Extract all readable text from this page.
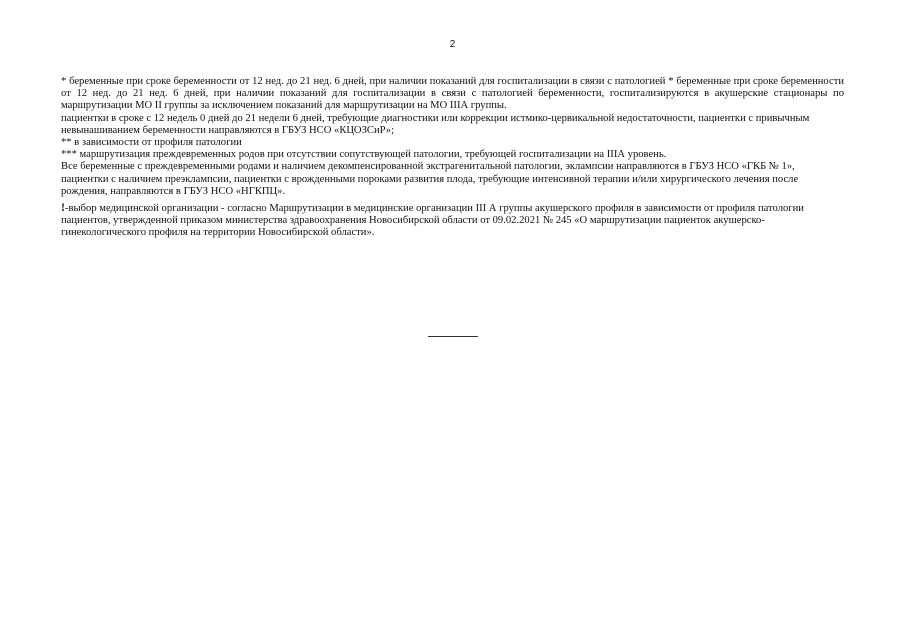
2

* беременные при сроке беременности от 12 нед. до 21 нед. 6 дней, при наличии показаний для госпитализации в связи с патологией * беременные при сроке беременности от 12 нед. до 21 нед. 6 дней, при наличии показаний для госпитализации в связи с патологией беременности, госпитализируются в акушерские стационары по маршрутизации МО II группы за исключением показаний для маршрутизации на МО IIIА группы.

пациентки в сроке с 12 недель 0 дней до 21 недели 6 дней, требующие диагностики или коррекции истмико-цервикальной недостаточности, пациентки с привычным невынашиванием беременности направляются в ГБУЗ НСО «КЦОЗСиР»;

** в зависимости от профиля патологии

*** маршрутизация преждевременных родов при отсутствии сопутствующей патологии, требующей госпитализации на IIIА уровень.

Все беременные с преждевременными родами и наличием декомпенсированной экстрагенитальной патологии, эклампсии направляются в ГБУЗ НСО «ГКБ № 1», пациентки с наличием преэклампсии, пациентки с врожденными пороками развития плода, требующие интенсивной терапии и/или хирургического лечения после рождения, направляются в ГБУЗ НСО «НГКПЦ».

!-выбор медицинской организации - согласно Маршрутизации в медицинские организации III А группы акушерского профиля в зависимости от профиля патологии пациентов, утвержденной приказом министерства здравоохранения Новосибирской области от 09.02.2021 № 245 «О маршрутизации пациенток акушерско-гинекологического профиля на территории Новосибирской области».
